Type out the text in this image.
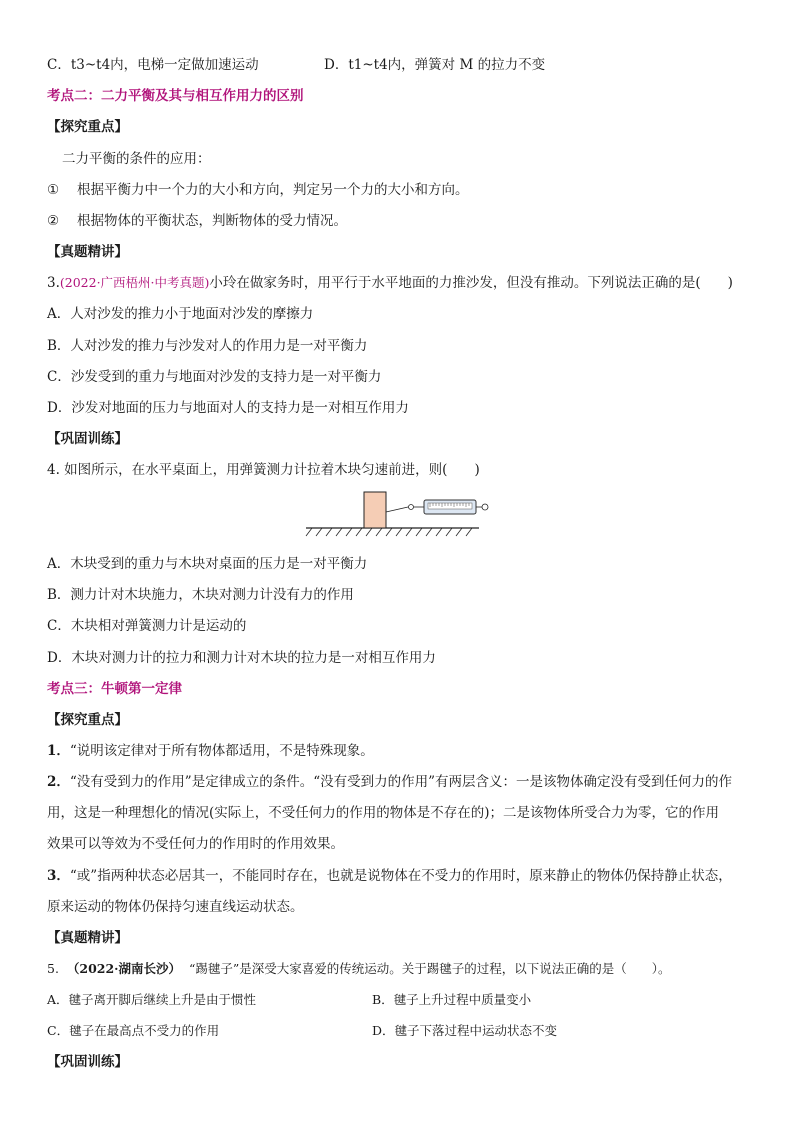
C．t3~t4内，电梯一定做加速运动	D．t1~t4内，弹簧对 M 的拉力不变
考点二：二力平衡及其与相互作用力的区别
【探究重点】
二力平衡的条件的应用：
① 根据平衡力中一个力的大小和方向，判定另一个力的大小和方向。
② 根据物体的平衡状态，判断物体的受力情况。
【真题精讲】
3.(2022·广西梧州·中考真题)小玲在做家务时，用平行于水平地面的力推沙发，但没有推动。下列说法正确的是(　　)
A．人对沙发的推力小于地面对沙发的摩擦力
B．人对沙发的推力与沙发对人的作用力是一对平衡力
C．沙发受到的重力与地面对沙发的支持力是一对平衡力
D．沙发对地面的压力与地面对人的支持力是一对相互作用力
【巩固训练】
4. 如图所示，在水平桌面上，用弹簧测力计拉着木块匀速前进，则(　　)
A．木块受到的重力与木块对桌面的压力是一对平衡力
B．测力计对木块施力，木块对测力计没有力的作用
C．木块相对弹簧测力计是运动的
D．木块对测力计的拉力和测力计对木块的拉力是一对相互作用力
考点三：牛顿第一定律
【探究重点】
1．“说明该定律对于所有物体都适用，不是特殊现象。
2．“没有受到力的作用”是定律成立的条件。“没有受到力的作用”有两层含义：一是该物体确定没有受到任何力的作
用，这是一种理想化的情况(实际上，不受任何力的作用的物体是不存在的)；二是该物体所受合力为零，它的作用
效果可以等效为不受任何力的作用时的作用效果。
3．“或”指两种状态必居其一，不能同时存在，也就是说物体在不受力的作用时，原来静止的物体仍保持静止状态，
原来运动的物体仍保持匀速直线运动状态。
【真题精讲】
5. （2022·湖南长沙） “踢毽子”是深受大家喜爱的传统运动。关于踢毽子的过程，以下说法正确的是（　　）。
A．毽子离开脚后继续上升是由于惯性	B．毽子上升过程中质量变小
C．毽子在最高点不受力的作用	D．毽子下落过程中运动状态不变
【巩固训练】
